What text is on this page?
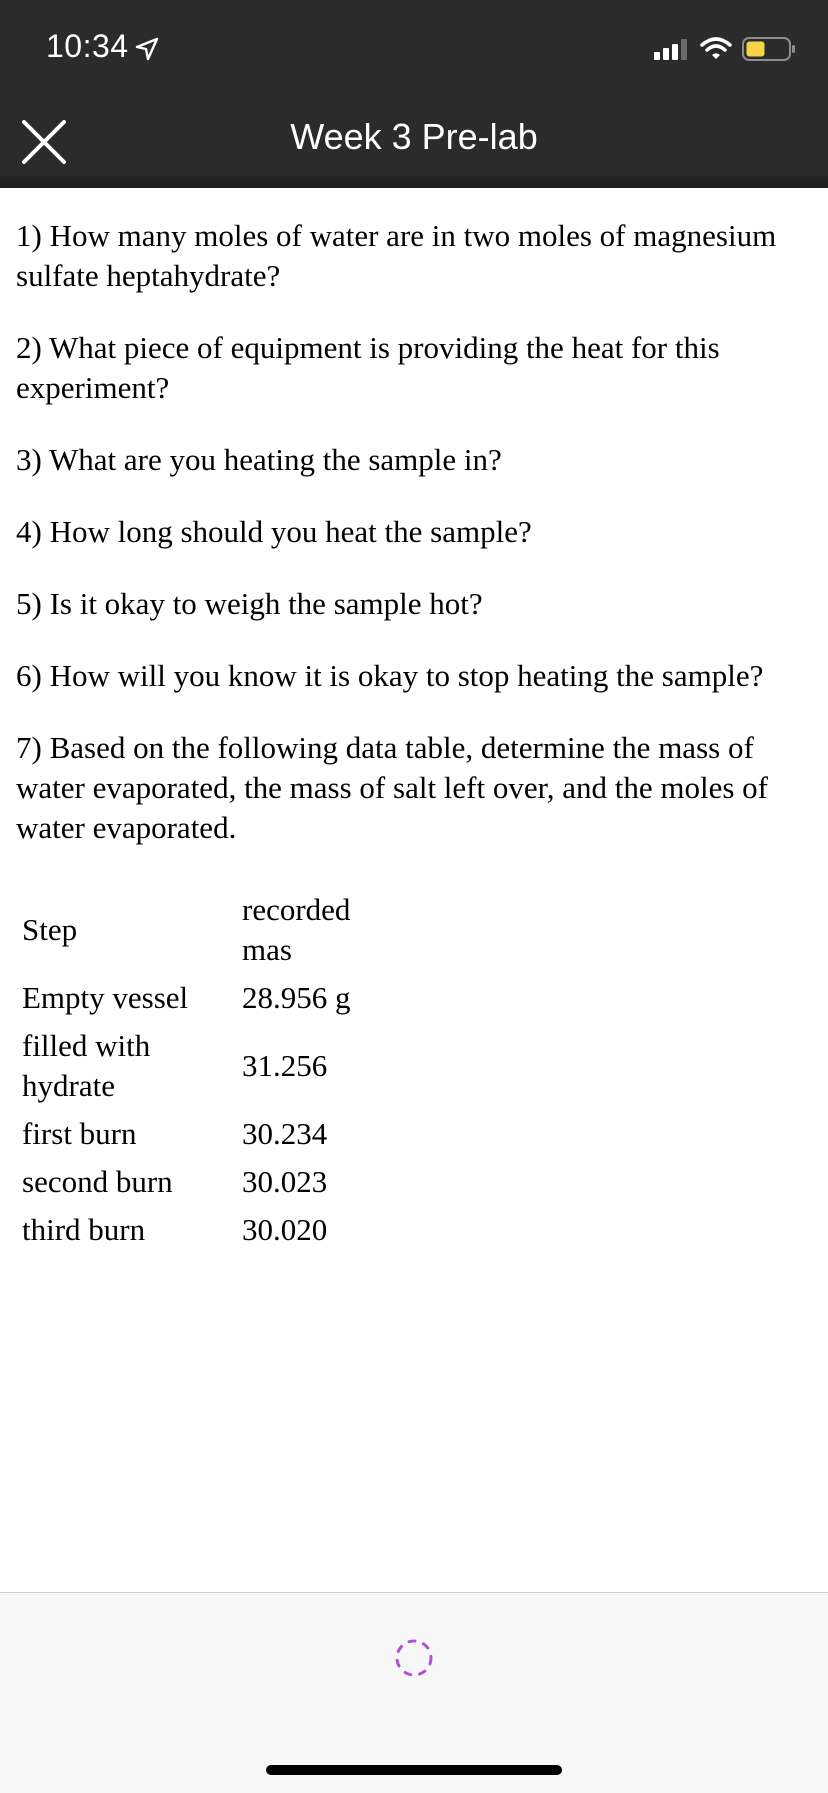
10:34
Week 3 Pre-lab

1) How many moles of water are in two moles of magnesium sulfate heptahydrate?

2) What piece of equipment is providing the heat for this experiment?

3) What are you heating the sample in?

4) How long should you heat the sample?

5) Is it okay to weigh the sample hot?

6) How will you know it is okay to stop heating the sample?

7) Based on the following data table, determine the mass of water evaporated, the mass of salt left over, and the moles of water evaporated.

Step	recorded mas
Empty vessel	28.956 g
filled with hydrate	31.256
first burn	30.234
second burn	30.023
third burn	30.020
